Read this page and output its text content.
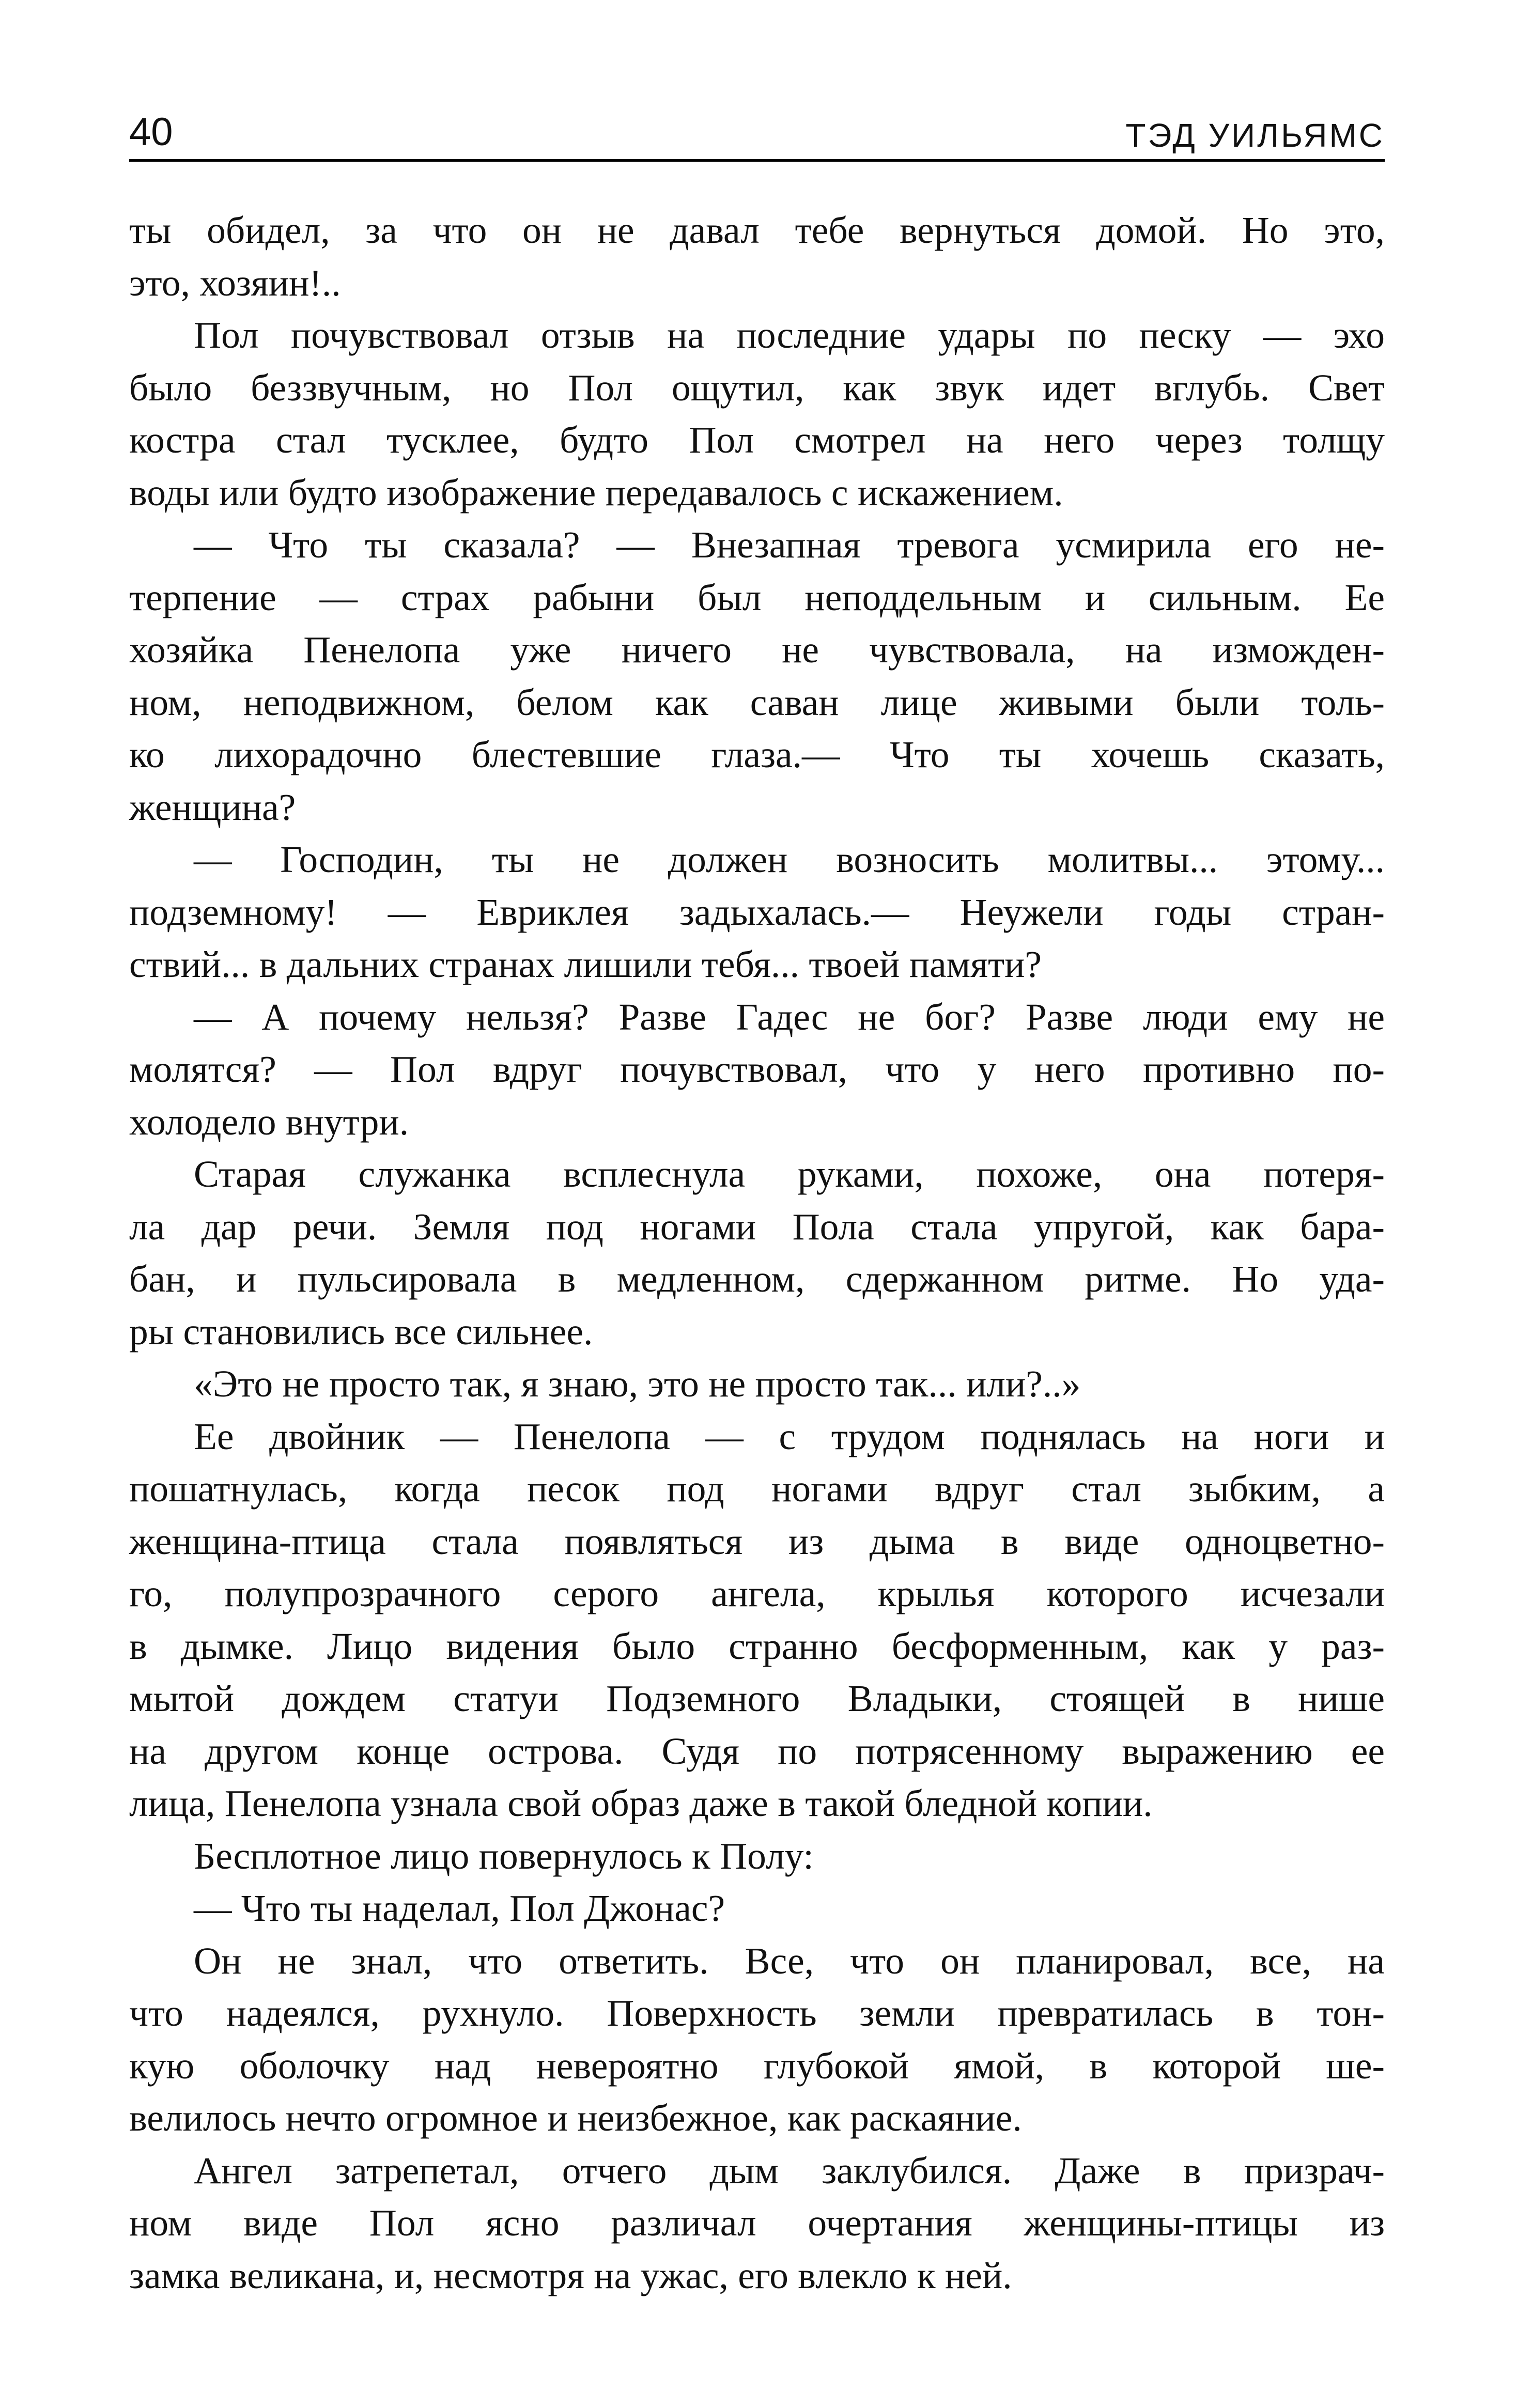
40	ТЭД УИЛЬЯМС
ты обидел, за что он не давал тебе вернуться домой. Но это,
это, хозяин!..
Пол почувствовал отзыв на последние удары по песку — эхо
было беззвучным, но Пол ощутил, как звук идет вглубь. Свет
костра стал тусклее, будто Пол смотрел на него через толщу
воды или будто изображение передавалось с искажением.
— Что ты сказала? — Внезапная тревога усмирила его не-
терпение — страх рабыни был неподдельным и сильным. Ее
хозяйка Пенелопа уже ничего не чувствовала, на изможден-
ном, неподвижном, белом как саван лице живыми были толь-
ко лихорадочно блестевшие глаза.— Что ты хочешь сказать,
женщина?
— Господин, ты не должен возносить молитвы... этому...
подземному! — Евриклея задыхалась.— Неужели годы стран-
ствий... в дальних странах лишили тебя... твоей памяти?
— А почему нельзя? Разве Гадес не бог? Разве люди ему не
молятся? — Пол вдруг почувствовал, что у него противно по-
холодело внутри.
Старая служанка всплеснула руками, похоже, она потеря-
ла дар речи. Земля под ногами Пола стала упругой, как бара-
бан, и пульсировала в медленном, сдержанном ритме. Но уда-
ры становились все сильнее.
«Это не просто так, я знаю, это не просто так... или?..»
Ее двойник — Пенелопа — с трудом поднялась на ноги и
пошатнулась, когда песок под ногами вдруг стал зыбким, а
женщина-птица стала появляться из дыма в виде одноцветно-
го, полупрозрачного серого ангела, крылья которого исчезали
в дымке. Лицо видения было странно бесформенным, как у раз-
мытой дождем статуи Подземного Владыки, стоящей в нише
на другом конце острова. Судя по потрясенному выражению ее
лица, Пенелопа узнала свой образ даже в такой бледной копии.
Бесплотное лицо повернулось к Полу:
— Что ты наделал, Пол Джонас?
Он не знал, что ответить. Все, что он планировал, все, на
что надеялся, рухнуло. Поверхность земли превратилась в тон-
кую оболочку над невероятно глубокой ямой, в которой ше-
велилось нечто огромное и неизбежное, как раскаяние.
Ангел затрепетал, отчего дым заклубился. Даже в призрач-
ном виде Пол ясно различал очертания женщины-птицы из
замка великана, и, несмотря на ужас, его влекло к ней.
